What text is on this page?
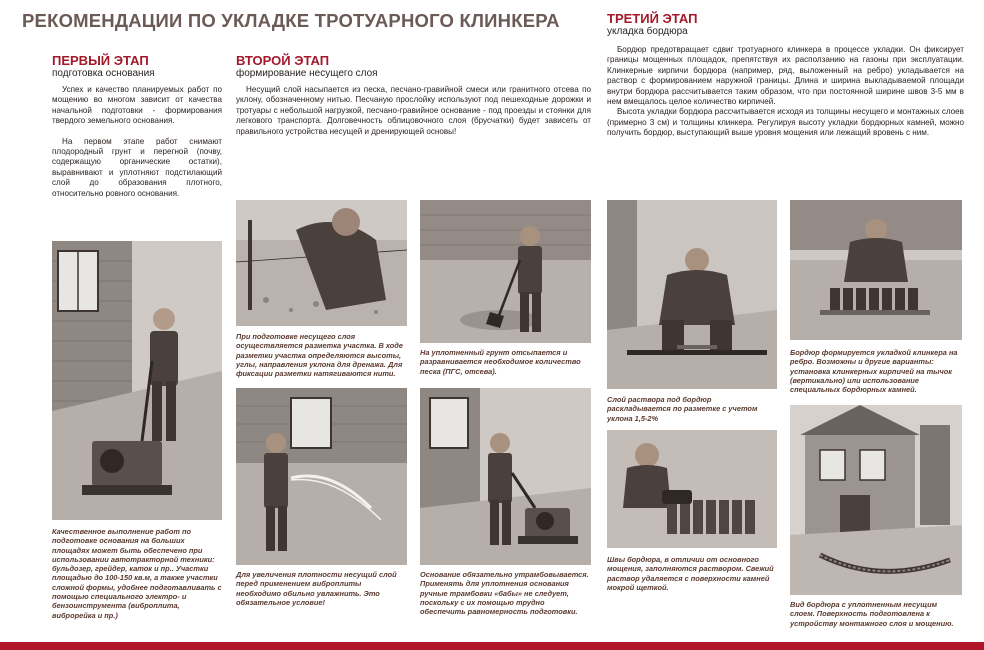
РЕКОМЕНДАЦИИ ПО УКЛАДКЕ ТРОТУАРНОГО КЛИНКЕРА
ПЕРВЫЙ ЭТАП
подготовка основания

Успех и качество планируемых работ по мощению во многом зависит от качества начальной подготовки - формирования твердого земельного основания.

На первом этапе работ снимают плодородный грунт и перегной (почву, содержащую органические остатки), выравнивают и уплотняют подстилающий слой до образования плотного, относительно ровного основания.

Качественное выполнение работ по подготовке основания на больших площадях может быть обеспечено при использовании автотракторной техники: бульдозер, грейдер, каток и пр.. Участки площадью до 100-150 кв.м, а также участки сложной формы, удобнее подготавливать с помощью специального электро- и бензоинструмента (виброплита, виброрейка и пр.)
ВТОРОЙ ЭТАП
формирование несущего слоя

Несущий слой насыпается из песка, песчано-гравийной смеси или гранитного отсева по уклону, обозначенному нитью. Песчаную прослойку используют под пешеходные дорожки и тротуары с небольшой нагрузкой, песчано-гравийное основание - под проезды и стоянки для легкового транспорта. Долговечность облицовочного слоя (брусчатки) будет зависеть от правильного устройства несущей и дренирующей основы!

При подготовке несущего слоя осуществляется разметка участка. В ходе разметки участка определяются высоты, углы, направления уклона для дренажа. Для фиксации разметки натягиваются нити.
На уплотненный грунт отсыпается и разравнивается необходимое количество песка (ПГС, отсева).
Для увеличения плотности несущий слой перед применением виброплиты необходимо обильно увлажнить. Это обязательное условие!
Основание обязательно утрамбовывается. Применять для уплотнения основания ручные трамбовки «бабы» не следует, поскольку с их помощью трудно обеспечить равномерность подготовки.
ТРЕТИЙ ЭТАП
укладка бордюра

Бордюр предотвращает сдвиг тротуарного клинкера в процессе укладки. Он фиксирует границы мощенных площадок, препятствуя их расползанию на газоны при эксплуатации. Клинкерные кирпичи бордюра (например, ряд, выложенный на ребро) укладывается на раствор с формированием наружной границы. Длина и ширина выкладываемой площади внутри бордюра рассчитывается таким образом, что при постоянной ширине швов 3-5 мм в нем вмещалось целое количество кирпичей.

Высота укладки бордюра рассчитывается исходя из толщины несущего и монтажных слоев (примерно 3 см) и толщины клинкера. Регулируя высоту укладки бордюрных камней, можно получить бордюр, выступающий выше уровня мощения или лежащий вровень с ним.

Слой раствора под бордюр раскладывается по разметке с учетом уклона 1,5-2%
Бордюр формируется укладкой клинкера на ребро. Возможны и другие варианты: установка клинкерных кирпичей на тычок (вертикально) или использование специальных бордюрных камней.
Швы бордюра, в отличии от основного мощения, заполняются раствором. Свежий раствор удаляется с поверхности камней мокрой щеткой.
Вид бордюра с уплотненным несущим слоем. Поверхность подготовлена к устройству монтажного слоя и мощению.
